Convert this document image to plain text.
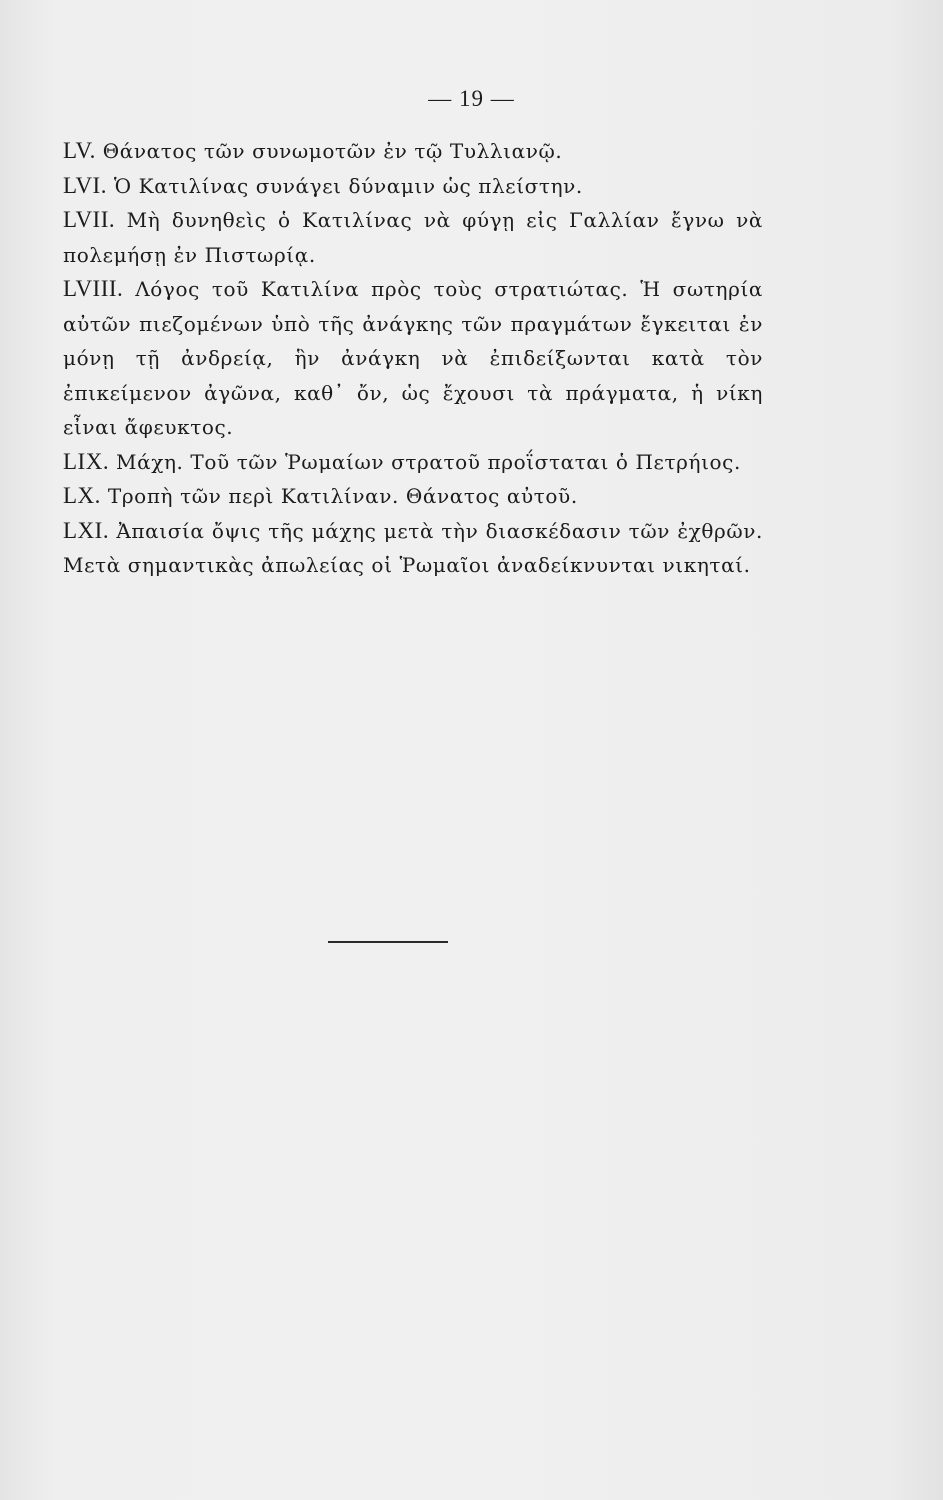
— 19 —

LV. Θάνατος τῶν συνωμοτῶν ἐν τῷ Τυλλιανῷ.

LVI. Ὁ Κατιλίνας συνάγει δύναμιν ὡς πλείστην.

LVII. Μὴ δυνηθεὶς ὁ Κατιλίνας νὰ φύγῃ εἰς Γαλλίαν ἔγνω νὰ πολεμήσῃ ἐν Πιστωρίᾳ.

LVIII. Λόγος τοῦ Κατιλίνα πρὸς τοὺς στρατιώτας. Ἡ σωτηρία αὐτῶν πιεζομένων ὑπὸ τῆς ἀνάγκης τῶν πραγμάτων ἔγκειται ἐν μόνῃ τῇ ἀνδρείᾳ, ἣν ἀνάγκη νὰ ἐπιδείξωνται κατὰ τὸν ἐπικείμενον ἀγῶνα, καθ᾽ ὄν, ὡς ἔχουσι τὰ πράγματα, ἡ νίκη εἶναι ἄφευκτος.

LIX. Μάχη. Τοῦ τῶν Ῥωμαίων στρατοῦ προΐσταται ὁ Πετρήιος.

LX. Τροπὴ τῶν περὶ Κατιλίναν. Θάνατος αὐτοῦ.

LXI. Ἀπαισία ὄψις τῆς μάχης μετὰ τὴν διασκέδασιν τῶν ἐχθρῶν. Μετὰ σημαντικὰς ἀπωλείας οἱ Ῥωμαῖοι ἀναδείκνυνται νικηταί.
